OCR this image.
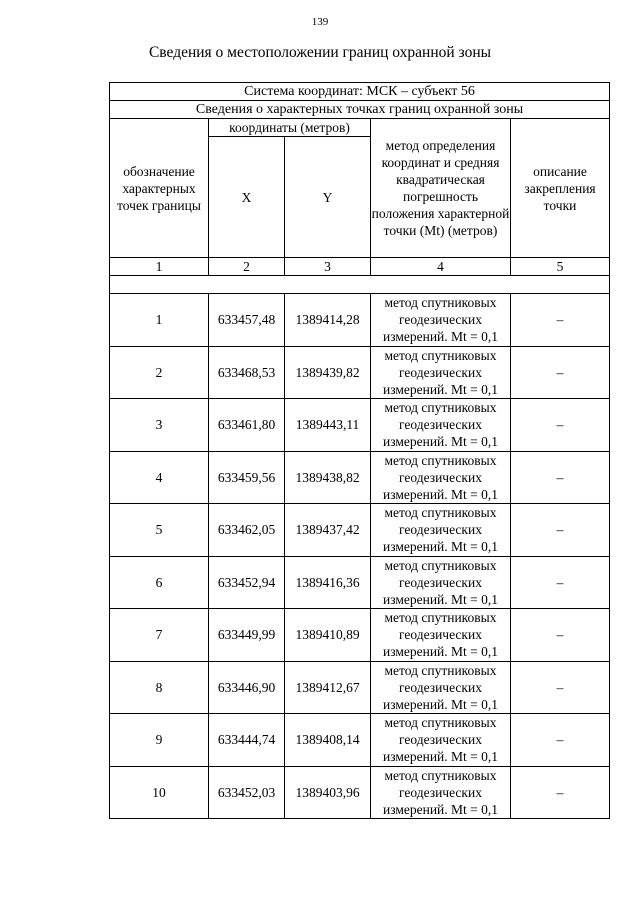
139
Сведения о местоположении границ охранной зоны
Система координат: МСК – субъект 56				
Сведения о характерных точках границ охранной зоны				
обозначение характерных точек границы	координаты (метров)		метод определения координат и средняя квадратическая погрешность положения характерной точки (Mt) (метров)	описание закрепления точки
	X	Y		
1	2	3	4	5

1	633457,48	1389414,28	метод спутниковых геодезических измерений. Mt = 0,1	–
2	633468,53	1389439,82	метод спутниковых геодезических измерений. Mt = 0,1	–
3	633461,80	1389443,11	метод спутниковых геодезических измерений. Mt = 0,1	–
4	633459,56	1389438,82	метод спутниковых геодезических измерений. Mt = 0,1	–
5	633462,05	1389437,42	метод спутниковых геодезических измерений. Mt = 0,1	–
6	633452,94	1389416,36	метод спутниковых геодезических измерений. Mt = 0,1	–
7	633449,99	1389410,89	метод спутниковых геодезических измерений. Mt = 0,1	–
8	633446,90	1389412,67	метод спутниковых геодезических измерений. Mt = 0,1	–
9	633444,74	1389408,14	метод спутниковых геодезических измерений. Mt = 0,1	–
10	633452,03	1389403,96	метод спутниковых геодезических измерений. Mt = 0,1	–
